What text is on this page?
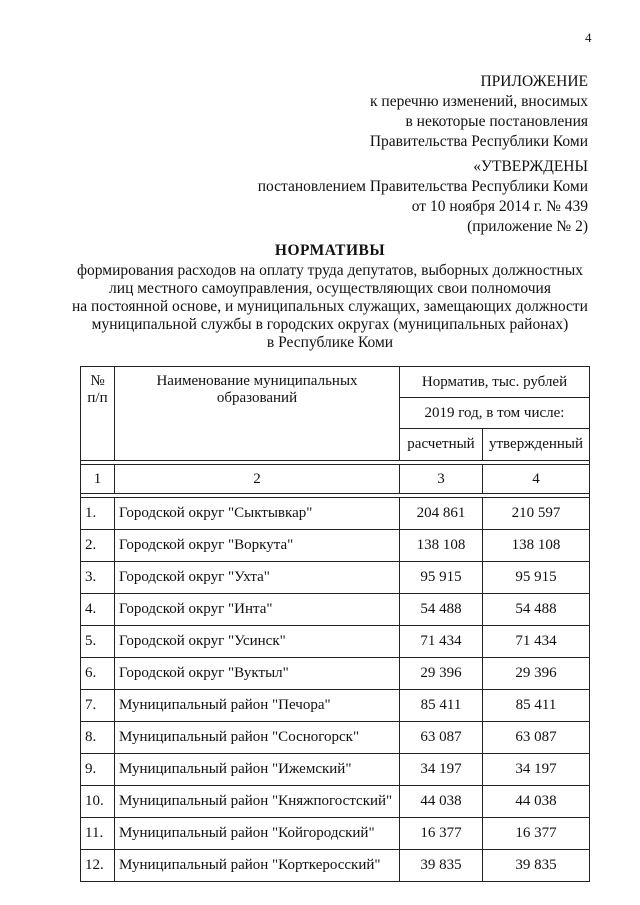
4
ПРИЛОЖЕНИЕ
к перечню изменений, вносимых
в некоторые постановления
Правительства Республики Коми
«УТВЕРЖДЕНЫ
постановлением Правительства Республики Коми
от 10 ноября 2014 г. № 439
(приложение № 2)
НОРМАТИВЫ
формирования расходов на оплату труда депутатов, выборных должностных
лиц местного самоуправления, осуществляющих свои полномочия
на постоянной основе, и муниципальных служащих, замещающих должности
муниципальной службы в городских округах (муниципальных районах)
в Республике Коми
№ п/п	Наименование муниципальных образований	Норматив, тыс. рублей	
		2019 год, в том числе:	
		расчетный	утвержденный

1	2	3	4

1.	Городской округ "Сыктывкар"	204 861	210 597
2.	Городской округ "Воркута"	138 108	138 108
3.	Городской округ "Ухта"	95 915	95 915
4.	Городской округ "Инта"	54 488	54 488
5.	Городской округ "Усинск"	71 434	71 434
6.	Городской округ "Вуктыл"	29 396	29 396
7.	Муниципальный район "Печора"	85 411	85 411
8.	Муниципальный район "Сосногорск"	63 087	63 087
9.	Муниципальный район "Ижемский"	34 197	34 197
10.	Муниципальный район "Княжпогостский"	44 038	44 038
11.	Муниципальный район "Койгородский"	16 377	16 377
12.	Муниципальный район "Корткеросский"	39 835	39 835
